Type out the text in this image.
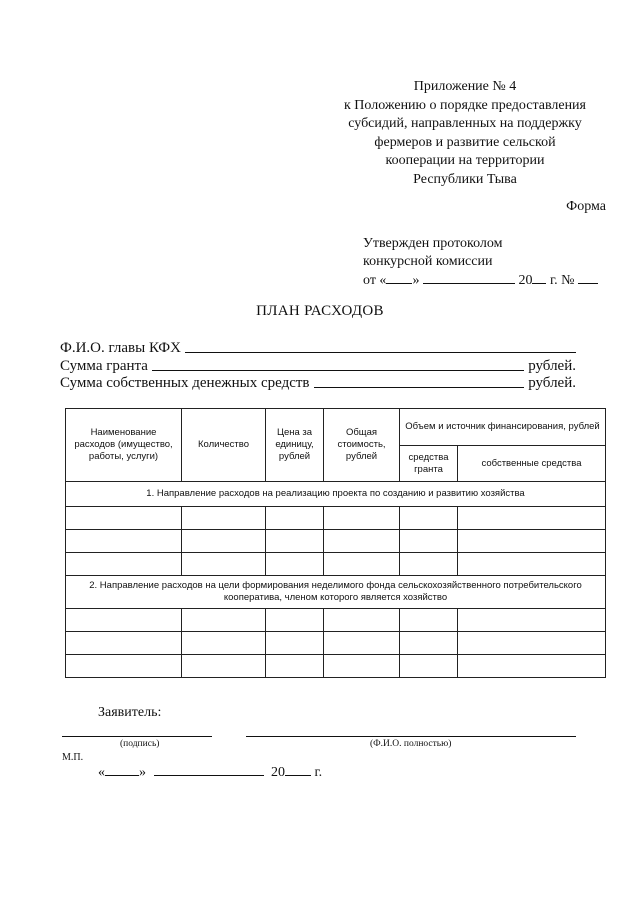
Приложение № 4
к Положению о порядке предоставления
субсидий, направленных на поддержку
фермеров и развитие сельской
кооперации на территории
Республики Тыва
Форма
Утвержден протоколом
конкурсной комиссии
от « »	20 г. №
ПЛАН РАСХОДОВ
Ф.И.О. главы КФХ
Сумма гранта	рублей.
Сумма собственных денежных средств	рублей.
Наименование расходов (имущество, работы, услуги)	Количество	Цена за единицу, рублей	Общая стоимость, рублей	Объем и источник финансирования, рублей	
				средства гранта	собственные средства
1. Направление расходов на реализацию проекта по созданию и развитию хозяйства					

2. Направление расходов на цели формирования неделимого фонда сельскохозяйственного потребительского кооператива, членом которого является хозяйство					

Заявитель:
(подпись)	(Ф.И.О. полностью)
М.П.
« »	20 г.
